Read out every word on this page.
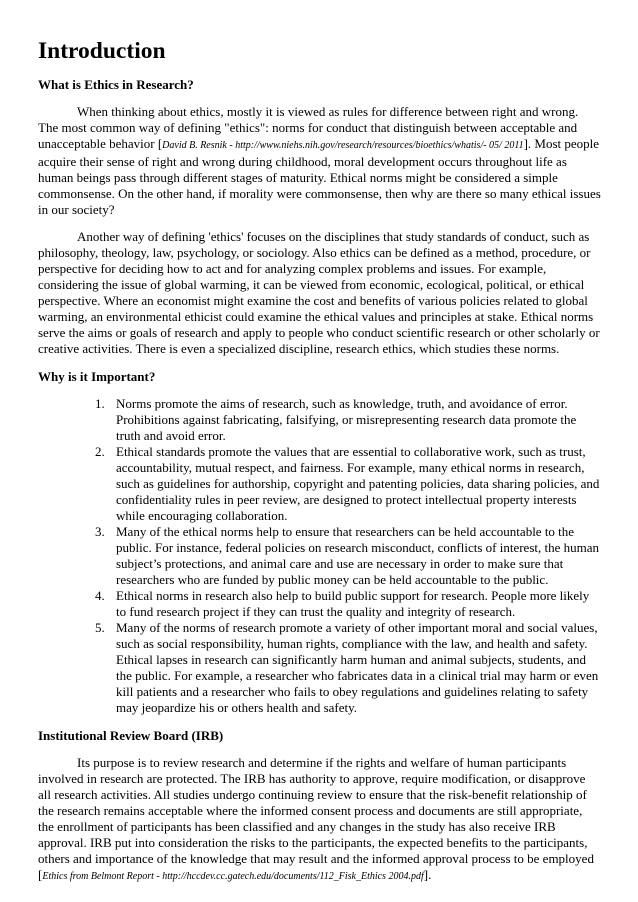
Introduction
What is Ethics in Research?

When thinking about ethics, mostly it is viewed as rules for difference between right and wrong. The most common way of defining "ethics": norms for conduct that distinguish between acceptable and unacceptable behavior [David B. Resnik - http://www.niehs.nih.gov/research/resources/bioethics/whatis/- 05/ 2011]. Most people acquire their sense of right and wrong during childhood, moral development occurs throughout life as human beings pass through different stages of maturity. Ethical norms might be considered a simple commonsense. On the other hand, if morality were commonsense, then why are there so many ethical issues in our society?

Another way of defining 'ethics' focuses on the disciplines that study standards of conduct, such as philosophy, theology, law, psychology, or sociology. Also ethics can be defined as a method, procedure, or perspective for deciding how to act and for analyzing complex problems and issues. For example, considering the issue of global warming, it can be viewed from economic, ecological, political, or ethical perspective. Where an economist might examine the cost and benefits of various policies related to global warming, an environmental ethicist could examine the ethical values and principles at stake. Ethical norms serve the aims or goals of research and apply to people who conduct scientific research or other scholarly or creative activities. There is even a specialized discipline, research ethics, which studies these norms.

Why is it Important?
1. Norms promote the aims of research, such as knowledge, truth, and avoidance of error. Prohibitions against fabricating, falsifying, or misrepresenting research data promote the truth and avoid error.
2. Ethical standards promote the values that are essential to collaborative work, such as trust, accountability, mutual respect, and fairness. For example, many ethical norms in research, such as guidelines for authorship, copyright and patenting policies, data sharing policies, and confidentiality rules in peer review, are designed to protect intellectual property interests while encouraging collaboration.
3. Many of the ethical norms help to ensure that researchers can be held accountable to the public. For instance, federal policies on research misconduct, conflicts of interest, the human subject’s protections, and animal care and use are necessary in order to make sure that researchers who are funded by public money can be held accountable to the public.
4. Ethical norms in research also help to build public support for research. People more likely to fund research project if they can trust the quality and integrity of research.
5. Many of the norms of research promote a variety of other important moral and social values, such as social responsibility, human rights, compliance with the law, and health and safety. Ethical lapses in research can significantly harm human and animal subjects, students, and the public. For example, a researcher who fabricates data in a clinical trial may harm or even kill patients and a researcher who fails to obey regulations and guidelines relating to safety may jeopardize his or others health and safety.
Institutional Review Board (IRB)

Its purpose is to review research and determine if the rights and welfare of human participants involved in research are protected. The IRB has authority to approve, require modification, or disapprove all research activities. All studies undergo continuing review to ensure that the risk-benefit relationship of the research remains acceptable where the informed consent process and documents are still appropriate, the enrollment of participants has been classified and any changes in the study has also receive IRB approval. IRB put into consideration the risks to the participants, the expected benefits to the participants, others and importance of the knowledge that may result and the informed approval process to be employed [Ethics from Belmont Report - http://hccdev.cc.gatech.edu/documents/112_Fisk_Ethics 2004.pdf].
